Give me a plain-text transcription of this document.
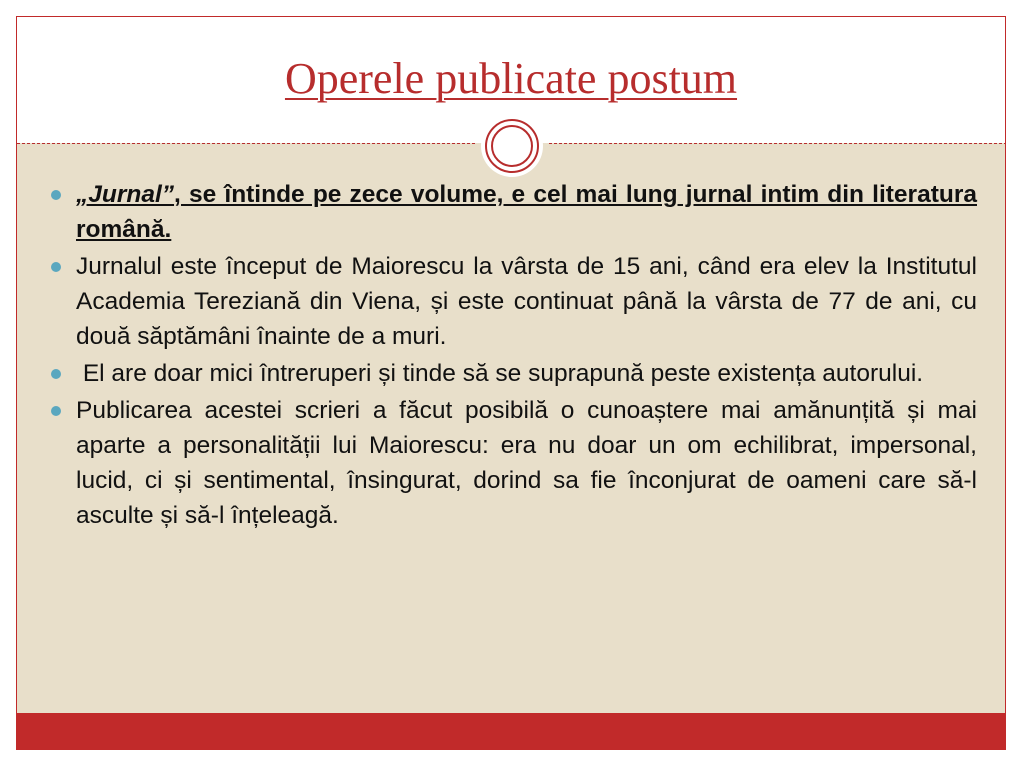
Operele publicate postum
„Jurnal”, se întinde pe zece volume, e cel mai lung jurnal intim din literatura română.
Jurnalul este început de Maiorescu la vârsta de 15 ani, când era elev la Institutul Academia Tereziană din Viena, și este continuat până la vârsta de 77 de ani, cu două săptămâni înainte de a muri.
El are doar mici întreruperi și tinde să se suprapună peste existența autorului.
Publicarea acestei scrieri a făcut posibilă o cunoaștere mai amănunțită și mai aparte a personalității lui Maiorescu: era nu doar un om echilibrat, impersonal, lucid, ci și sentimental, însingurat, dorind sa fie înconjurat de oameni care să-l asculte și să-l înțeleagă.
